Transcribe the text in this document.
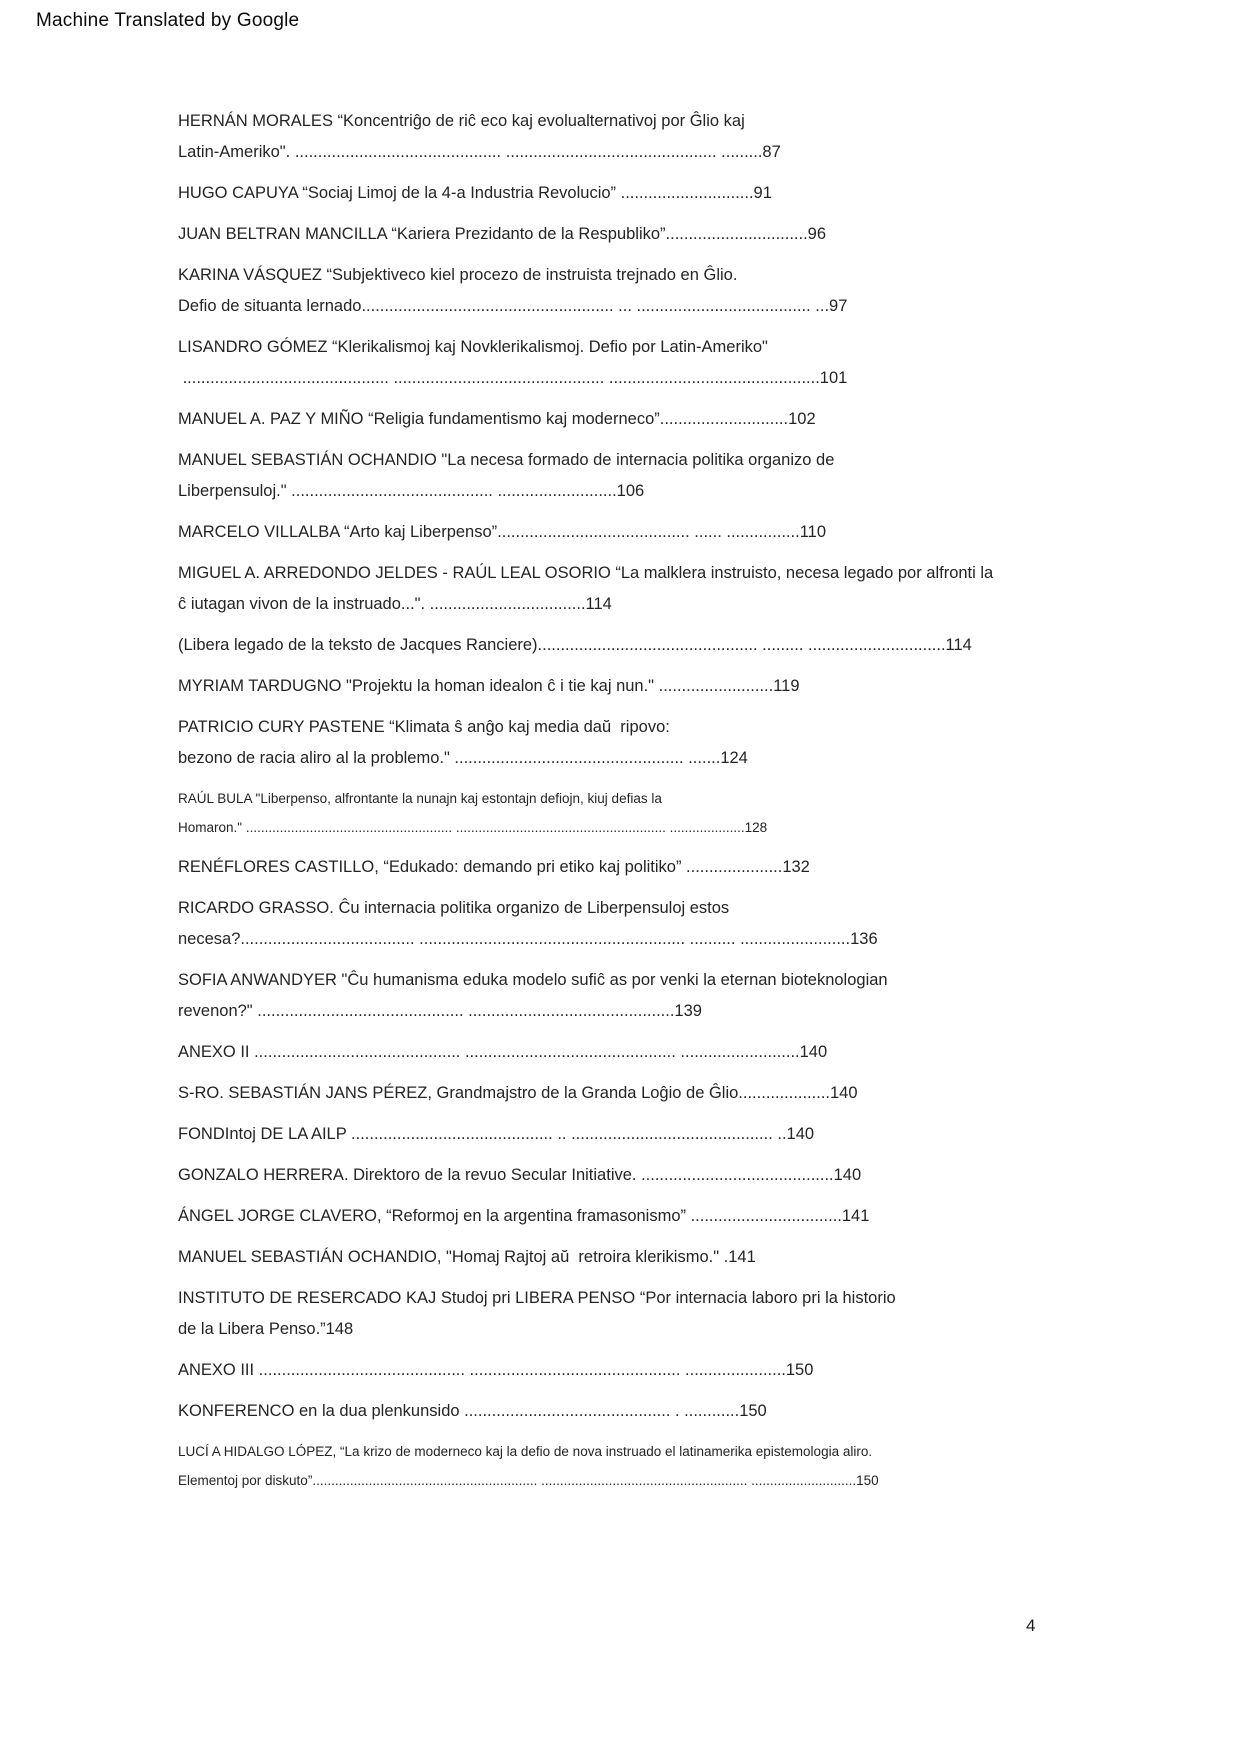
Machine Translated by Google

HERNÁN MORALES “Koncentriĝo de riĉ eco kaj evolualternativoj por Ĝlio kaj
Latin-Ameriko". ............................................. .............................................. .........87

HUGO CAPUYA “Sociaj Limoj de la 4-a Industria Revolucio” .............................91

JUAN BELTRAN MANCILLA “Kariera Prezidanto de la Respubliko”...............................96

KARINA VÁSQUEZ “Subjektiveco kiel procezo de instruista trejnado en Ĝlio.
Defio de situanta lernado....................................................... ... ...................................... ...97

LISANDRO GÓMEZ “Klerikalismoj kaj Novklerikalismoj. Defio por Latin-Ameriko"
............................................. .............................................. ..............................................101

MANUEL A. PAZ Y MIÑO “Religia fundamentismo kaj moderneco”............................102

MANUEL SEBASTIÁN OCHANDIO "La necesa formado de internacia politika organizo de
Liberpensuloj." ............................................ ..........................106

MARCELO VILLALBA “Arto kaj Liberpenso”.......................................... ...... ................110

MIGUEL A. ARREDONDO JELDES - RAÚL LEAL OSORIO “La malklera instruisto, necesa legado por alfronti la
ĉ iutagan vivon de la instruado...". ..................................114

(Libera legado de la teksto de Jacques Ranciere)................................................ ......... ..............................114

MYRIAM TARDUGNO "Projektu la homan idealon ĉ i tie kaj nun." .........................119

PATRICIO CURY PASTENE “Klimata ŝ anĝo kaj media daŭ  ripovo:
bezono de racia aliro al la problemo." .................................................. .......124

RAÚL BULA "Liberpenso, alfrontante la nunajn kaj estontajn defiojn, kiuj defias la
Homaron." ....................................................... ........................................................ ....................128

RENÉFLORES CASTILLO, “Edukado: demando pri etiko kaj politiko” .....................132

RICARDO GRASSO. Ĉu internacia politika organizo de Liberpensuloj estos
necesa?...................................... .......................................................... .......... ........................136

SOFIA ANWANDYER "Ĉu humanisma eduka modelo sufiĉ as por venki la eternan bioteknologian
revenon?" ............................................. .............................................139

ANEXO II ............................................. .............................................. ..........................140

S-RO. SEBASTIÁN JANS PÉREZ, Grandmajstro de la Granda Loĝio de Ĝlio....................140

FONDIntoj DE LA AILP ............................................ .. ............................................ ..140

GONZALO HERRERA. Direktoro de la revuo Secular Initiative. ..........................................140

ÁNGEL JORGE CLAVERO, “Reformoj en la argentina framasonismo” .................................141

MANUEL SEBASTIÁN OCHANDIO, "Homaj Rajtoj aŭ  retroira klerikismo." .141

INSTITUTO DE RESERCADO KAJ Studoj pri LIBERA PENSO “Por internacia laboro pri la historio
de la Libera Penso.”148

ANEXO III ............................................. .............................................. ......................150

KONFERENCO en la dua plenkunsido ............................................. . ............150

LUCÍ A HIDALGO LÓPEZ, “La krizo de moderneco kaj la defio de nova instruado el latinamerika epistemologia aliro.
Elementoj por diskuto”............................................................ ....................................................... ............................150

4
